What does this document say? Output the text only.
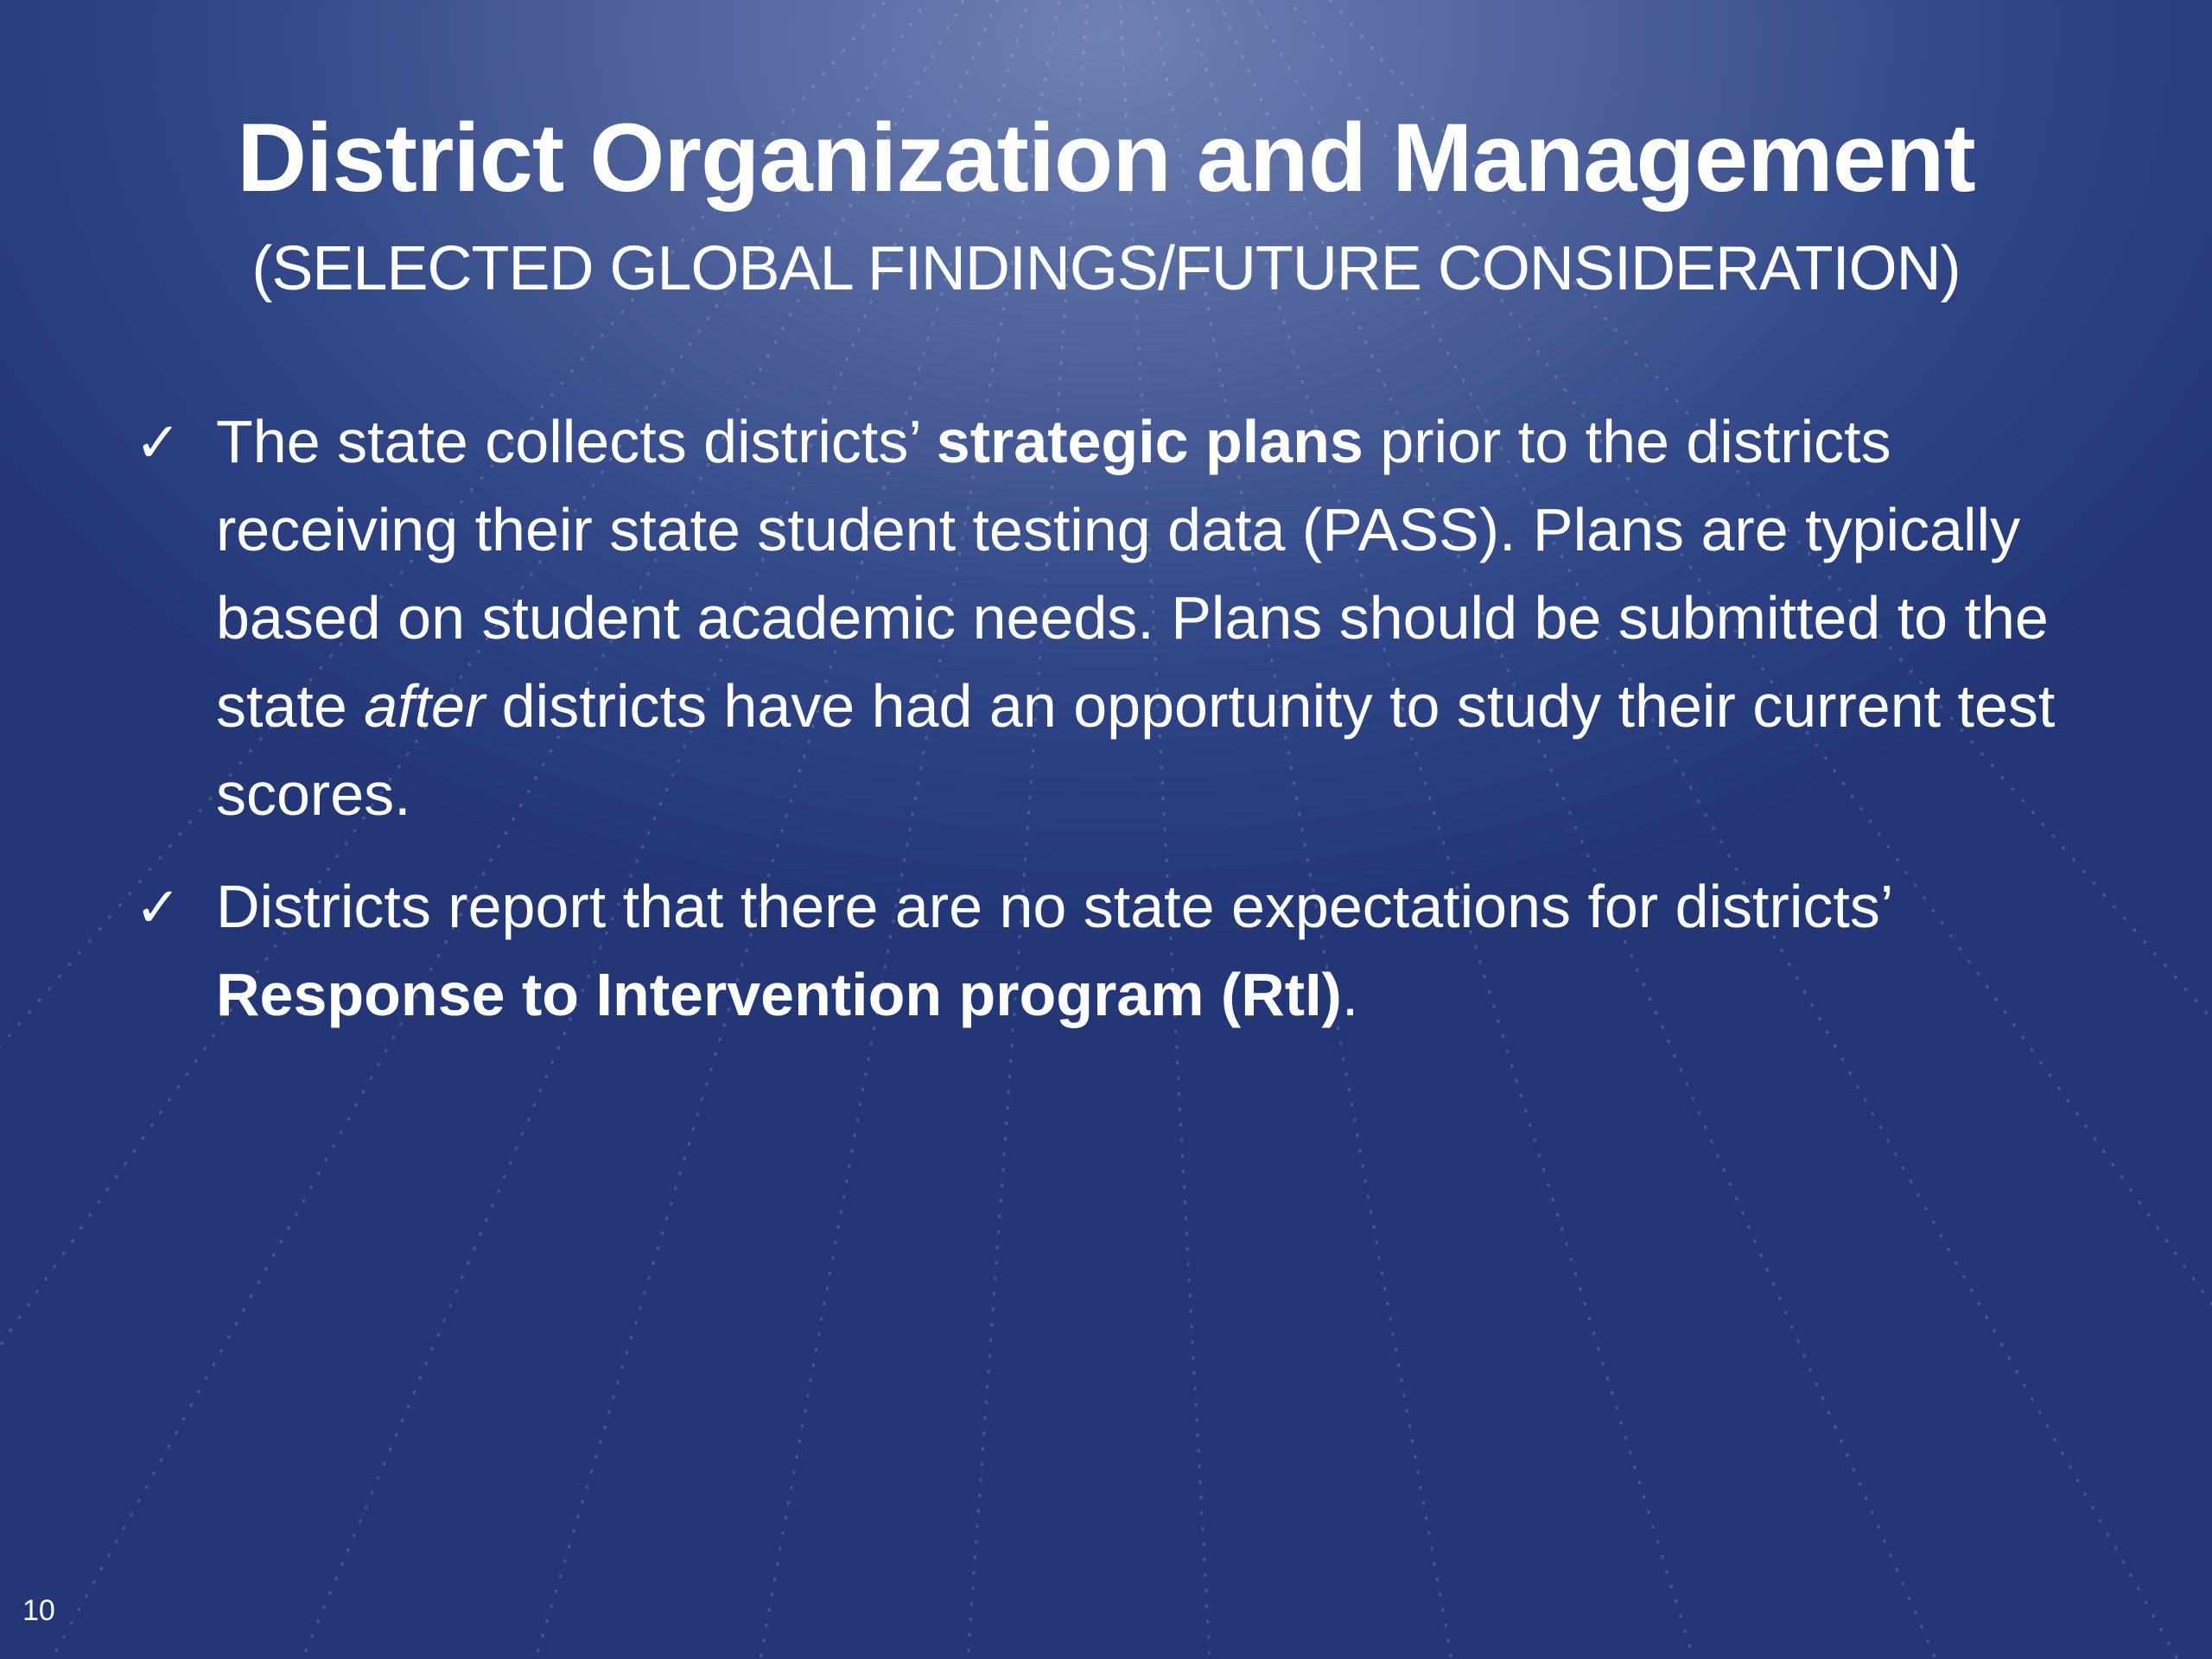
District Organization and Management
(SELECTED GLOBAL FINDINGS/FUTURE CONSIDERATION)
✓ The state collects districts’ strategic plans prior to the districts receiving their state student testing data (PASS). Plans are typically based on student academic needs. Plans should be submitted to the state after districts have had an opportunity to study their current test scores.
✓ Districts report that there are no state expectations for districts’ Response to Intervention program (RtI).
10
